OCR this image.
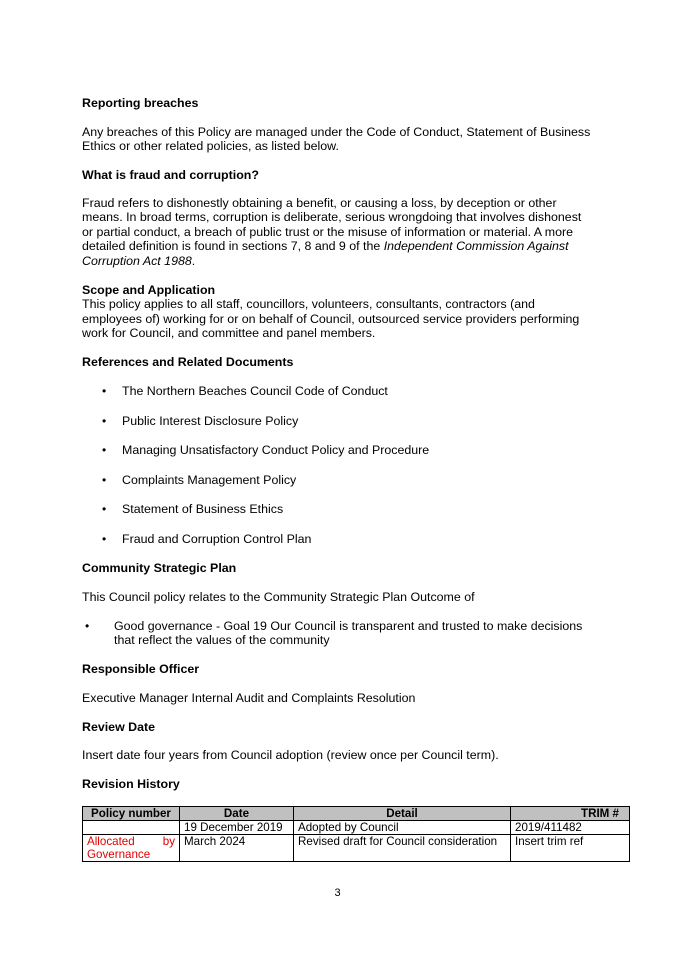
Reporting breaches

Any breaches of this Policy are managed under the Code of Conduct, Statement of Business

Ethics or other related policies, as listed below.

What is fraud and corruption?

Fraud refers to dishonestly obtaining a benefit, or causing a loss, by deception or other

means. In broad terms, corruption is deliberate, serious wrongdoing that involves dishonest

or partial conduct, a breach of public trust or the misuse of information or material. A more

detailed definition is found in sections 7, 8 and 9 of the Independent Commission Against

Corruption Act 1988.

Scope and Application

This policy applies to all staff, councillors, volunteers, consultants, contractors (and

employees of) working for or on behalf of Council, outsourced service providers performing

work for Council, and committee and panel members.

References and Related Documents
• The Northern Beaches Council Code of Conduct
• Public Interest Disclosure Policy
• Managing Unsatisfactory Conduct Policy and Procedure
• Complaints Management Policy
• Statement of Business Ethics
• Fraud and Corruption Control Plan
Community Strategic Plan

This Council policy relates to the Community Strategic Plan Outcome of

• Good governance - Goal 19 Our Council is transparent and trusted to make decisions
that reflect the values of the community
Responsible Officer

Executive Manager Internal Audit and Complaints Resolution

Review Date

Insert date four years from Council adoption (review once per Council term).

Revision History
Policy number	Date	Detail	TRIM #
	19 December 2019	Adopted by Council	2019/411482
Allocated by Governance	March 2024	Revised draft for Council consideration	Insert trim ref
3
